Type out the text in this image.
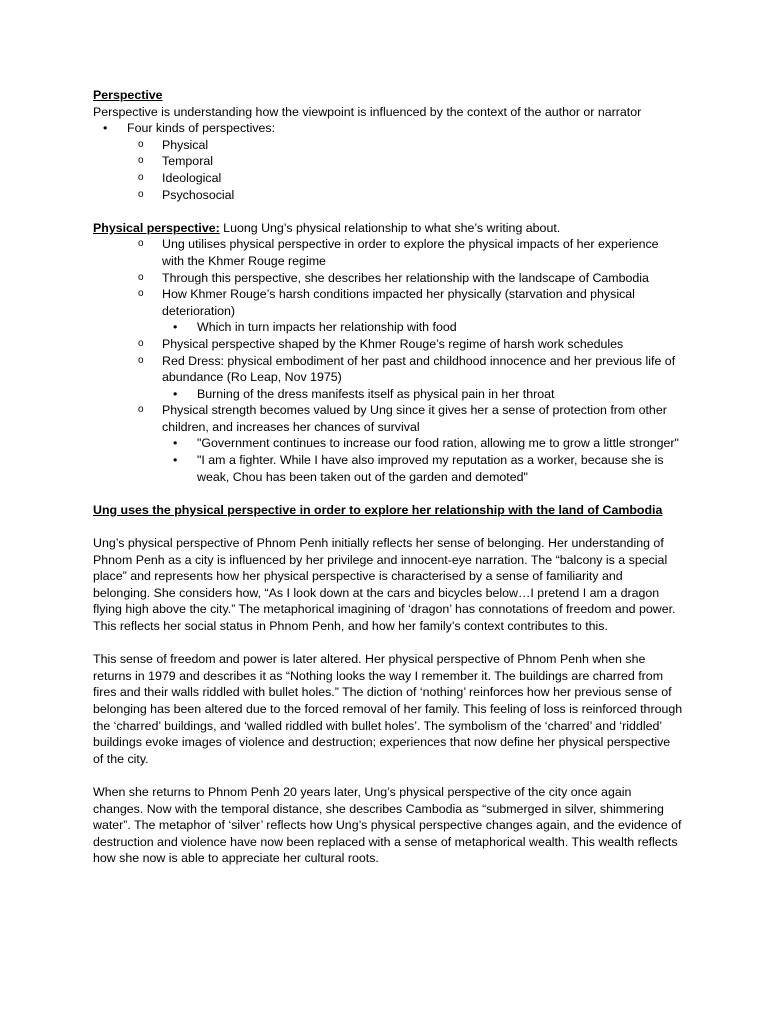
Perspective

Perspective is understanding how the viewpoint is influenced by the context of the author or narrator

• Four kinds of perspectives:
o Physical
o Temporal
o Ideological
o Psychosocial

Physical perspective: Luong Ung’s physical relationship to what she’s writing about.

o Ung utilises physical perspective in order to explore the physical impacts of her experience with the Khmer Rouge regime
o Through this perspective, she describes her relationship with the landscape of Cambodia
o How Khmer Rouge’s harsh conditions impacted her physically (starvation and physical deterioration)
• Which in turn impacts her relationship with food
o Physical perspective shaped by the Khmer Rouge’s regime of harsh work schedules
o Red Dress: physical embodiment of her past and childhood innocence and her previous life of abundance (Ro Leap, Nov 1975)
• Burning of the dress manifests itself as physical pain in her throat
o Physical strength becomes valued by Ung since it gives her a sense of protection from other children, and increases her chances of survival
• "Government continues to increase our food ration, allowing me to grow a little stronger"
• "I am a fighter. While I have also improved my reputation as a worker, because she is weak, Chou has been taken out of the garden and demoted"

Ung uses the physical perspective in order to explore her relationship with the land of Cambodia

Ung’s physical perspective of Phnom Penh initially reflects her sense of belonging. Her understanding of Phnom Penh as a city is influenced by her privilege and innocent-eye narration. The “balcony is a special place” and represents how her physical perspective is characterised by a sense of familiarity and belonging. She considers how, “As I look down at the cars and bicycles below…I pretend I am a dragon flying high above the city.” The metaphorical imagining of ‘dragon’ has connotations of freedom and power. This reflects her social status in Phnom Penh, and how her family’s context contributes to this.

This sense of freedom and power is later altered. Her physical perspective of Phnom Penh when she returns in 1979 and describes it as “Nothing looks the way I remember it. The buildings are charred from fires and their walls riddled with bullet holes.” The diction of ‘nothing’ reinforces how her previous sense of belonging has been altered due to the forced removal of her family. This feeling of loss is reinforced through the ‘charred’ buildings, and ‘walled riddled with bullet holes’. The symbolism of the ‘charred’ and ‘riddled’ buildings evoke images of violence and destruction; experiences that now define her physical perspective of the city.

When she returns to Phnom Penh 20 years later, Ung’s physical perspective of the city once again changes. Now with the temporal distance, she describes Cambodia as “submerged in silver, shimmering water”. The metaphor of ‘silver’ reflects how Ung’s physical perspective changes again, and the evidence of destruction and violence have now been replaced with a sense of metaphorical wealth. This wealth reflects how she now is able to appreciate her cultural roots.
